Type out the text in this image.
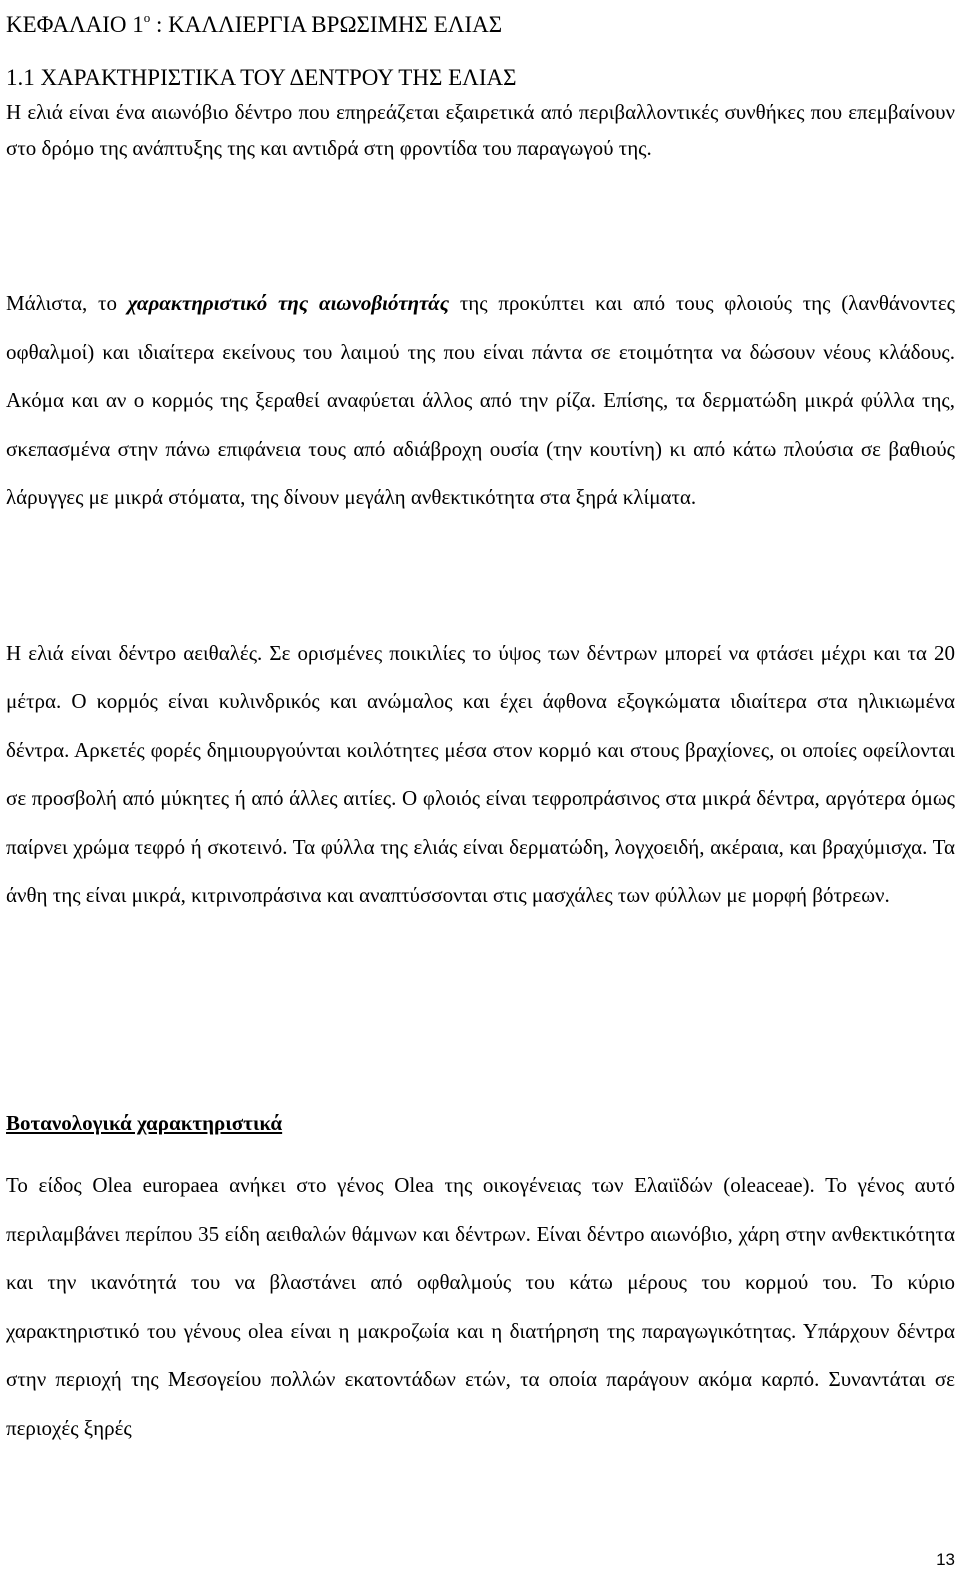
ΚΕΦΑΛΑΙΟ $1^o$ : ΚΑΛΛΙΕΡΓΙΑ ΒΡΩΣΙΜΗΣ ΕΛΙΑΣ
1.1 ΧΑΡΑΚΤΗΡΙΣΤΙΚΑ ΤΟΥ ΔΕΝΤΡΟΥ ΤΗΣ ΕΛΙΑΣ

Η ελιά είναι ένα αιωνόβιο δέντρο που επηρεάζεται εξαιρετικά από περιβαλλοντικές συνθήκες που επεμβαίνουν στο δρόμο της ανάπτυξης της και αντιδρά στη φροντίδα του παραγωγού της.

Μάλιστα, το χαρακτηριστικό της αιωνοβιότητάς της προκύπτει και από τους φλοιούς της (λανθάνοντες οφθαλμοί) και ιδιαίτερα εκείνους του λαιμού της που είναι πάντα σε ετοιμότητα να δώσουν νέους κλάδους. Ακόμα και αν ο κορμός της ξεραθεί αναφύεται άλλος από την ρίζα. Επίσης, τα δερματώδη μικρά φύλλα της, σκεπασμένα στην πάνω επιφάνεια τους από αδιάβροχη ουσία (την κουτίνη) κι από κάτω πλούσια σε βαθιούς λάρυγγες με μικρά στόματα, της δίνουν μεγάλη ανθεκτικότητα στα ξηρά κλίματα.

Η ελιά είναι δέντρο αειθαλές. Σε ορισμένες ποικιλίες το ύψος των δέντρων μπορεί να φτάσει μέχρι και τα 20 μέτρα. Ο κορμός είναι κυλινδρικός και ανώμαλος και έχει άφθονα εξογκώματα ιδιαίτερα στα ηλικιωμένα δέντρα. Αρκετές φορές δημιουργούνται κοιλότητες μέσα στον κορμό και στους βραχίονες, οι οποίες οφείλονται σε προσβολή από μύκητες ή από άλλες αιτίες. Ο φλοιός είναι τεφροπράσινος στα μικρά δέντρα, αργότερα όμως παίρνει χρώμα τεφρό ή σκοτεινό. Τα φύλλα της ελιάς είναι δερματώδη, λογχοειδή, ακέραια, και βραχύμισχα. Τα άνθη της είναι μικρά, κιτρινοπράσινα και αναπτύσσονται στις μασχάλες των φύλλων με μορφή βότρεων.

Βοτανολογικά χαρακτηριστικά

Το είδος Olea europaea ανήκει στο γένος Olea της οικογένειας των Ελαιϊδών (oleaceae). Το γένος αυτό περιλαμβάνει περίπου 35 είδη αειθαλών θάμνων και δέντρων. Είναι δέντρο αιωνόβιο, χάρη στην ανθεκτικότητα και την ικανότητά του να βλαστάνει από οφθαλμούς του κάτω μέρους του κορμού του. Το κύριο χαρακτηριστικό του γένους olea είναι η μακροζωία και η διατήρηση της παραγωγικότητας. Υπάρχουν δέντρα στην περιοχή της Μεσογείου πολλών εκατοντάδων ετών, τα οποία παράγουν ακόμα καρπό. Συναντάται σε περιοχές ξηρές

13
